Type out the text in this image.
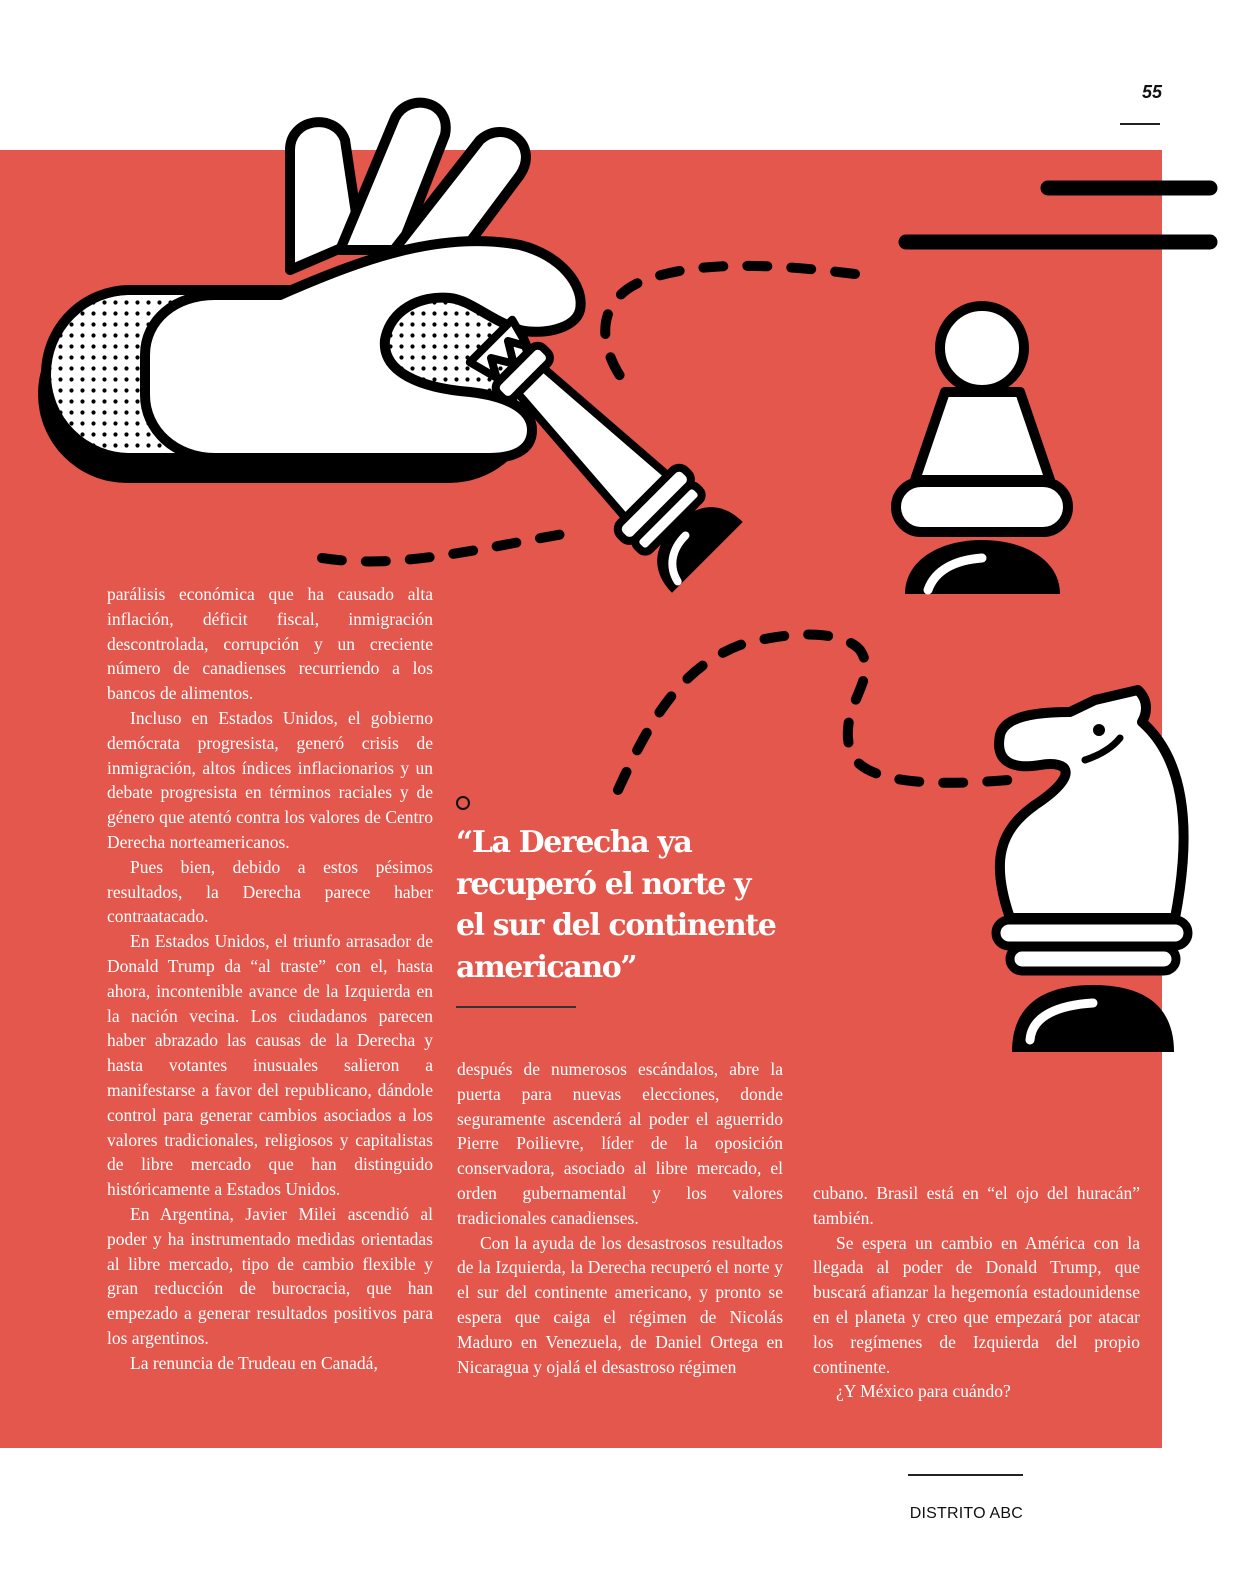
55

parálisis económica que ha causado alta inflación, déficit fiscal, inmigración descontrolada, corrupción y un creciente número de canadienses recurriendo a los bancos de alimentos.

Incluso en Estados Unidos, el gobierno demócrata progresista, generó crisis de inmigración, altos índices inflacionarios y un debate progresista en términos raciales y de género que atentó contra los valores de Centro Derecha norteamericanos.

Pues bien, debido a estos pésimos resultados, la Derecha parece haber contraatacado.

En Estados Unidos, el triunfo arrasador de Donald Trump da “al traste” con el, hasta ahora, incontenible avance de la Izquierda en la nación vecina. Los ciudadanos parecen haber abrazado las causas de la Derecha y hasta votantes inusuales salieron a manifestarse a favor del republicano, dándole control para generar cambios asociados a los valores tradicionales, religiosos y capitalistas de libre mercado que han distinguido históricamente a Estados Unidos.

En Argentina, Javier Milei ascendió al poder y ha instrumentado medidas orientadas al libre mercado, tipo de cambio flexible y gran reducción de burocracia, que han empezado a generar resultados positivos para los argentinos.

La renuncia de Trudeau en Canadá,

“La Derecha ya recuperó el norte y el sur del continente americano”

después de numerosos escándalos, abre la puerta para nuevas elecciones, donde seguramente ascenderá al poder el aguerrido Pierre Poilievre, líder de la oposición conservadora, asociado al libre mercado, el orden gubernamental y los valores tradicionales canadienses.

Con la ayuda de los desastrosos resultados de la Izquierda, la Derecha recuperó el norte y el sur del continente americano, y pronto se espera que caiga el régimen de Nicolás Maduro en Venezuela, de Daniel Ortega en Nicaragua y ojalá el desastroso régimen

cubano. Brasil está en “el ojo del huracán” también.

Se espera un cambio en América con la llegada al poder de Donald Trump, que buscará afianzar la hegemonía estadounidense en el planeta y creo que empezará por atacar los regímenes de Izquierda del propio continente.

¿Y México para cuándo?

DISTRITO ABC
